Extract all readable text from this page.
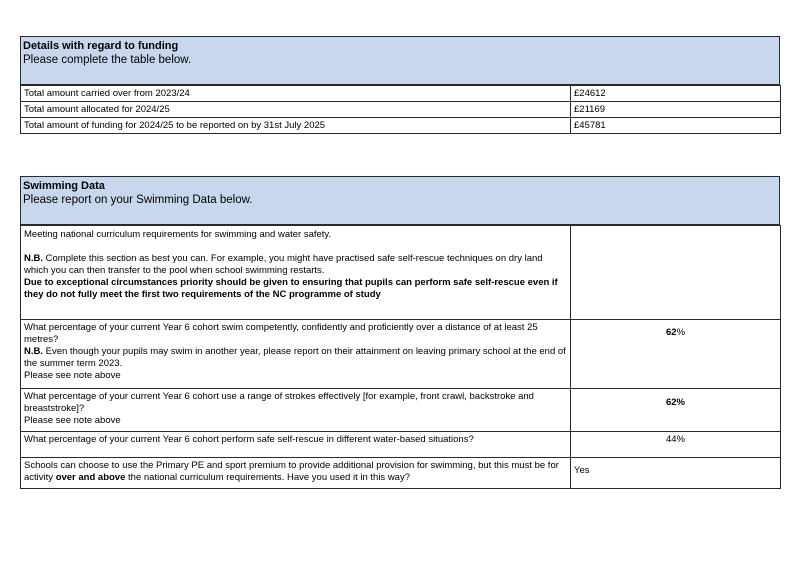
Details with regard to funding
Please complete the table below.
Total amount carried over from 2023/24	£24612
Total amount allocated for 2024/25	£21169
Total amount of funding for 2024/25 to be reported on by 31st July 2025	£45781
Swimming Data
Please report on your Swimming Data below.

Meeting national curriculum requirements for swimming and water safety.

N.B. Complete this section as best you can. For example, you might have practised safe self-rescue techniques on dry land which you can then transfer to the pool when school swimming restarts.

Due to exceptional circumstances priority should be given to ensuring that pupils can perform safe self-rescue even if they do not fully meet the first two requirements of the NC programme of study	

What percentage of your current Year 6 cohort swim competently, confidently and proficiently over a distance of at least 25 metres?

N.B. Even though your pupils may swim in another year, please report on their attainment on leaving primary school at the end of the summer term 2023.

Please see note above	62%

What percentage of your current Year 6 cohort use a range of strokes effectively [for example, front crawl, backstroke and breaststroke]?

Please see note above	62%

What percentage of your current Year 6 cohort perform safe self-rescue in different water-based situations?	44%

Schools can choose to use the Primary PE and sport premium to provide additional provision for swimming, but this must be for activity over and above the national curriculum requirements. Have you used it in this way?	Yes
